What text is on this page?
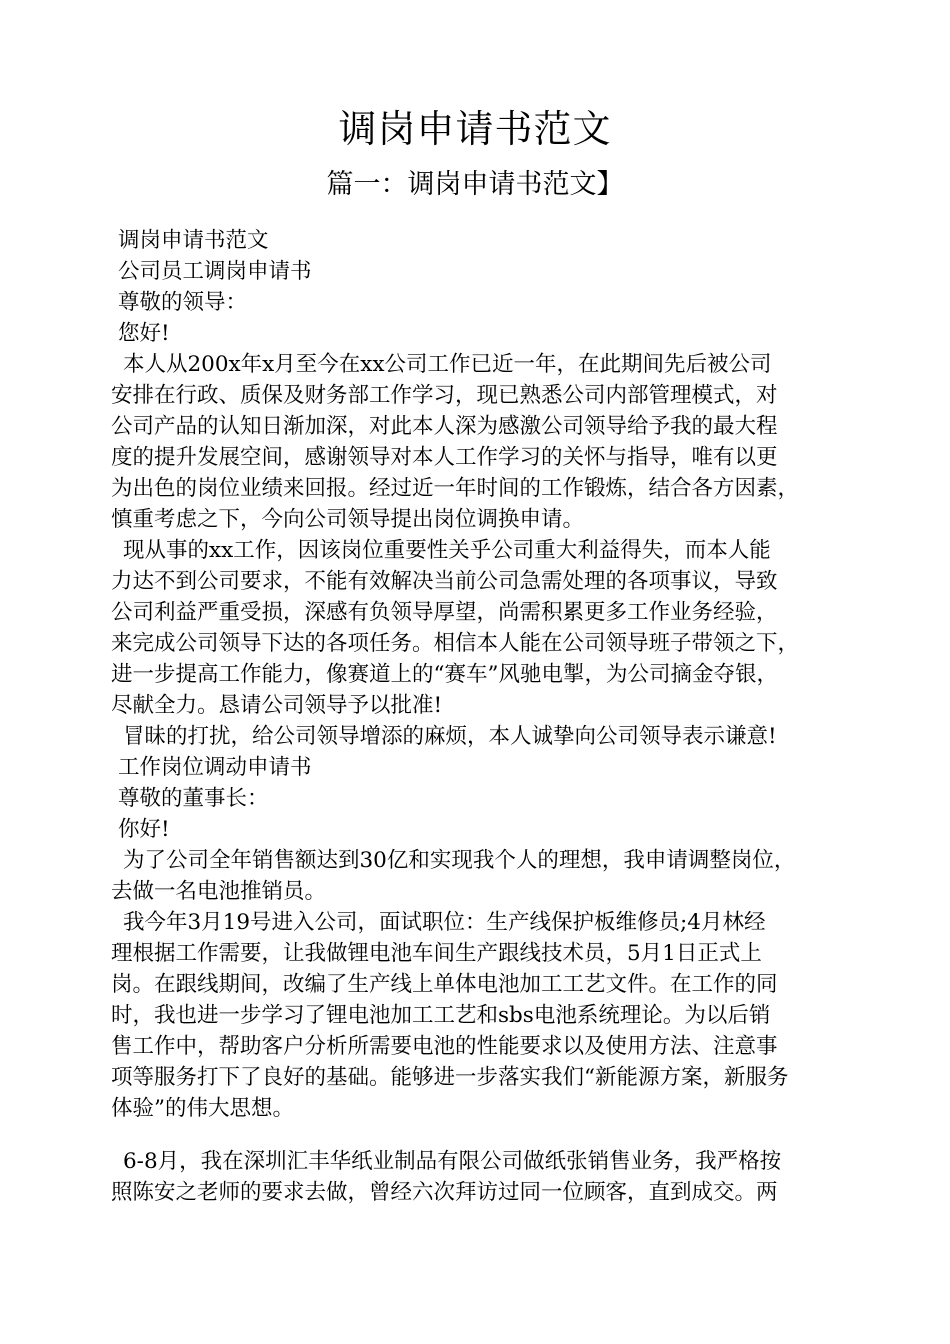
调岗申请书范文
篇一：调岗申请书范文】
调岗申请书范文
公司员工调岗申请书
尊敬的领导：
您好!
本人从200x年x月至今在xx公司工作已近一年，在此期间先后被公司
安排在行政、质保及财务部工作学习，现已熟悉公司内部管理模式，对
公司产品的认知日渐加深，对此本人深为感激公司领导给予我的最大程
度的提升发展空间，感谢领导对本人工作学习的关怀与指导，唯有以更
为出色的岗位业绩来回报。经过近一年时间的工作锻炼，结合各方因素，
慎重考虑之下，今向公司领导提出岗位调换申请。
现从事的xx工作，因该岗位重要性关乎公司重大利益得失，而本人能
力达不到公司要求，不能有效解决当前公司急需处理的各项事议，导致
公司利益严重受损，深感有负领导厚望，尚需积累更多工作业务经验，
来完成公司领导下达的各项任务。相信本人能在公司领导班子带领之下，
进一步提高工作能力，像赛道上的“赛车”风驰电掣，为公司摘金夺银，
尽献全力。恳请公司领导予以批准!
冒昧的打扰，给公司领导增添的麻烦，本人诚挚向公司领导表示谦意!
工作岗位调动申请书
尊敬的董事长：
你好!
为了公司全年销售额达到30亿和实现我个人的理想，我申请调整岗位，
去做一名电池推销员。
我今年3月19号进入公司，面试职位：生产线保护板维修员;4月林经
理根据工作需要，让我做锂电池车间生产跟线技术员，5月1日正式上
岗。在跟线期间，改编了生产线上单体电池加工工艺文件。在工作的同
时，我也进一步学习了锂电池加工工艺和sbs电池系统理论。为以后销
售工作中，帮助客户分析所需要电池的性能要求以及使用方法、注意事
项等服务打下了良好的基础。能够进一步落实我们“新能源方案，新服务
体验”的伟大思想。
6-8月，我在深圳汇丰华纸业制品有限公司做纸张销售业务，我严格按
照陈安之老师的要求去做，曾经六次拜访过同一位顾客，直到成交。两
